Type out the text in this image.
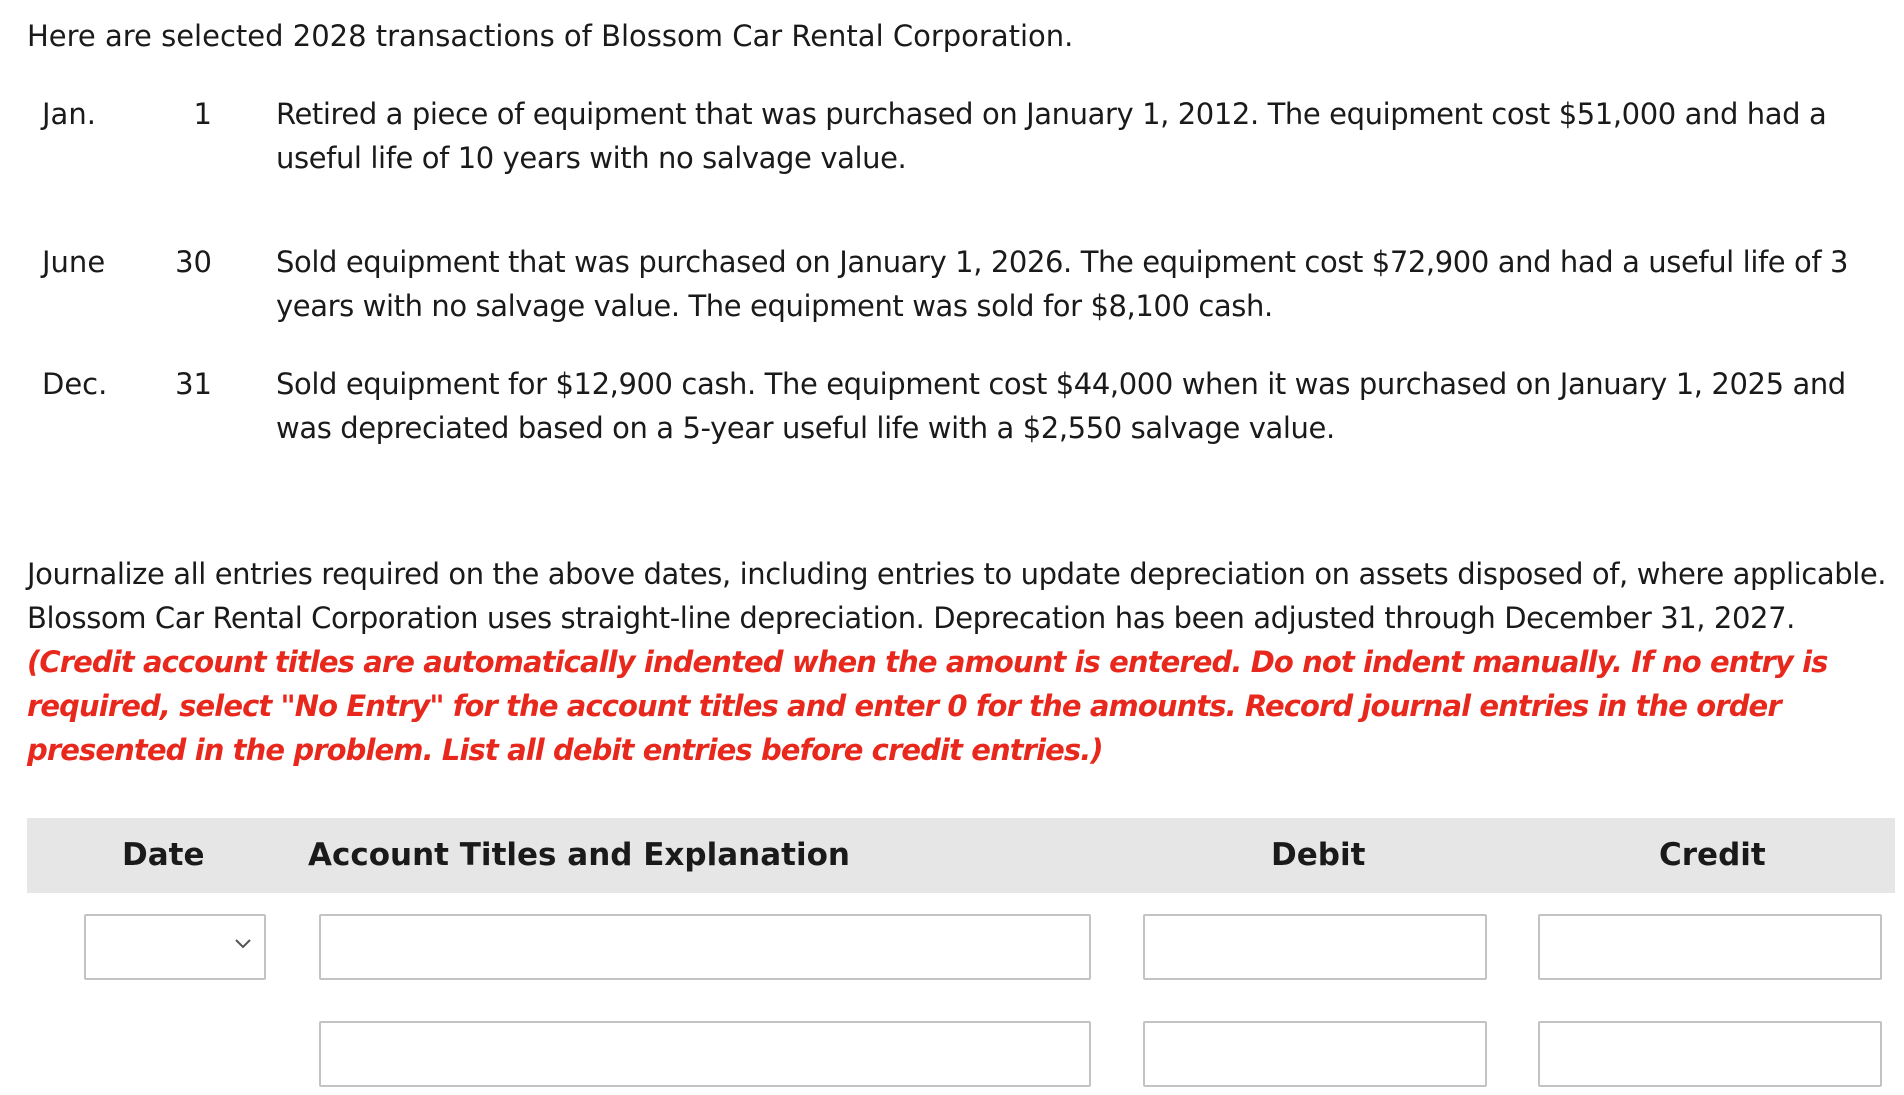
Here are selected 2028 transactions of Blossom Car Rental Corporation.
Jan.	1 Retired a piece of equipment that was purchased on January 1, 2012. The equipment cost $51,000 and had a useful life of 10 years with no salvage value.
June	30 Sold equipment that was purchased on January 1, 2026. The equipment cost $72,900 and had a useful life of 3 years with no salvage value. The equipment was sold for $8,100 cash.
Dec.	31 Sold equipment for $12,900 cash. The equipment cost $44,000 when it was purchased on January 1, 2025 and was depreciated based on a 5-year useful life with a $2,550 salvage value.
Journalize all entries required on the above dates, including entries to update depreciation on assets disposed of, where applicable. Blossom Car Rental Corporation uses straight-line depreciation. Deprecation has been adjusted through December 31, 2027. (Credit account titles are automatically indented when the amount is entered. Do not indent manually. If no entry is required, select "No Entry" for the account titles and enter 0 for the amounts. Record journal entries in the order presented in the problem. List all debit entries before credit entries.)
Date	Account Titles and Explanation	Debit	Credit
